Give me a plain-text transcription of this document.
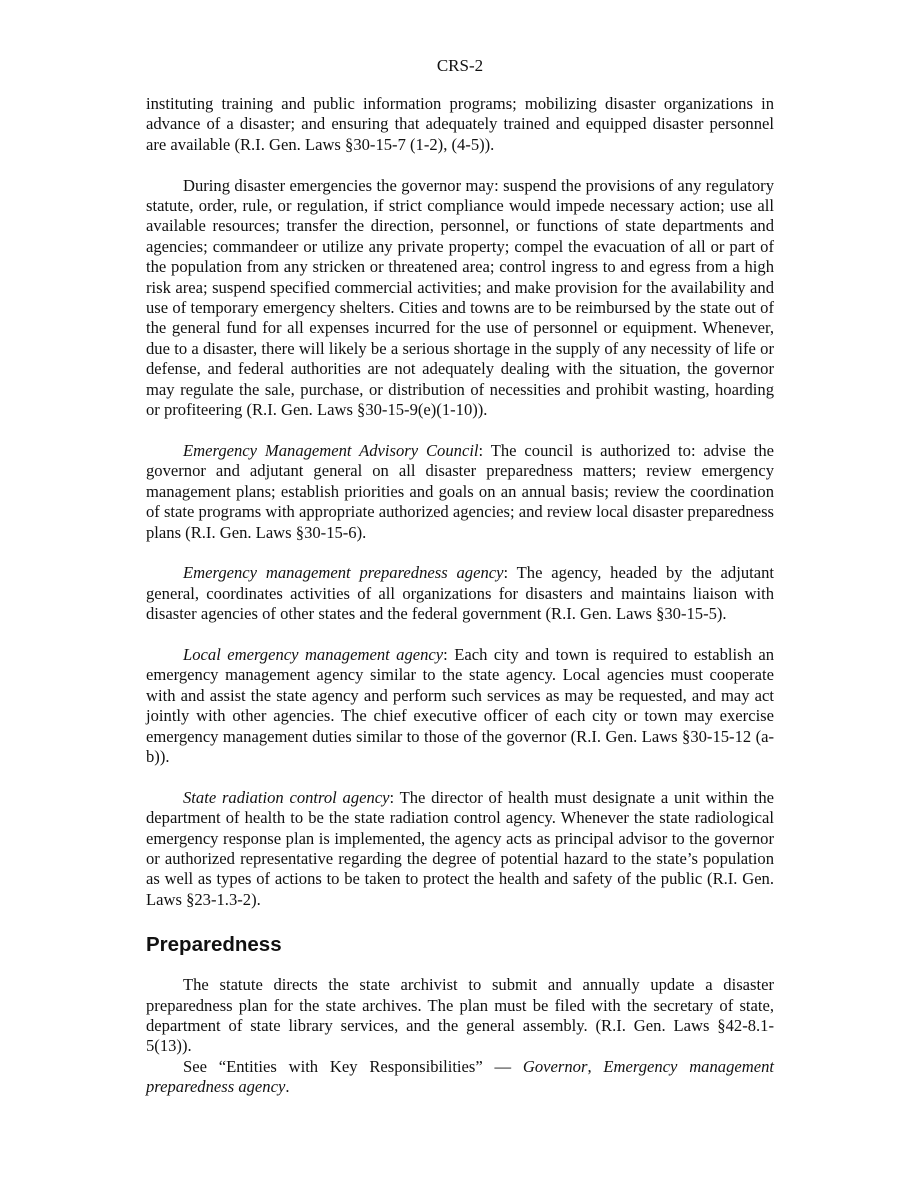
CRS-2

instituting training and public information programs; mobilizing disaster organizations in advance of a disaster; and ensuring that adequately trained and equipped disaster personnel are available (R.I. Gen. Laws §30-15-7 (1-2), (4-5)).

During disaster emergencies the governor may: suspend the provisions of any regulatory statute, order, rule, or regulation, if strict compliance would impede necessary action; use all available resources; transfer the direction, personnel, or functions of state departments and agencies; commandeer or utilize any private property; compel the evacuation of all or part of the population from any stricken or threatened area; control ingress to and egress from a high risk area; suspend specified commercial activities; and make provision for the availability and use of temporary emergency shelters. Cities and towns are to be reimbursed by the state out of the general fund for all expenses incurred for the use of personnel or equipment. Whenever, due to a disaster, there will likely be a serious shortage in the supply of any necessity of life or defense, and federal authorities are not adequately dealing with the situation, the governor may regulate the sale, purchase, or distribution of necessities and prohibit wasting, hoarding or profiteering (R.I. Gen. Laws §30-15-9(e)(1-10)).

Emergency Management Advisory Council: The council is authorized to: advise the governor and adjutant general on all disaster preparedness matters; review emergency management plans; establish priorities and goals on an annual basis; review the coordination of state programs with appropriate authorized agencies; and review local disaster preparedness plans (R.I. Gen. Laws §30-15-6).

Emergency management preparedness agency: The agency, headed by the adjutant general, coordinates activities of all organizations for disasters and maintains liaison with disaster agencies of other states and the federal government (R.I. Gen. Laws §30-15-5).

Local emergency management agency: Each city and town is required to establish an emergency management agency similar to the state agency. Local agencies must cooperate with and assist the state agency and perform such services as may be requested, and may act jointly with other agencies. The chief executive officer of each city or town may exercise emergency management duties similar to those of the governor (R.I. Gen. Laws §30-15-12 (a-b)).

State radiation control agency: The director of health must designate a unit within the department of health to be the state radiation control agency. Whenever the state radiological emergency response plan is implemented, the agency acts as principal advisor to the governor or authorized representative regarding the degree of potential hazard to the state’s population as well as types of actions to be taken to protect the health and safety of the public (R.I. Gen. Laws §23-1.3-2).

Preparedness

The statute directs the state archivist to submit and annually update a disaster preparedness plan for the state archives. The plan must be filed with the secretary of state, department of state library services, and the general assembly. (R.I. Gen. Laws §42-8.1-5(13)).

See “Entities with Key Responsibilities” — Governor, Emergency management preparedness agency.
